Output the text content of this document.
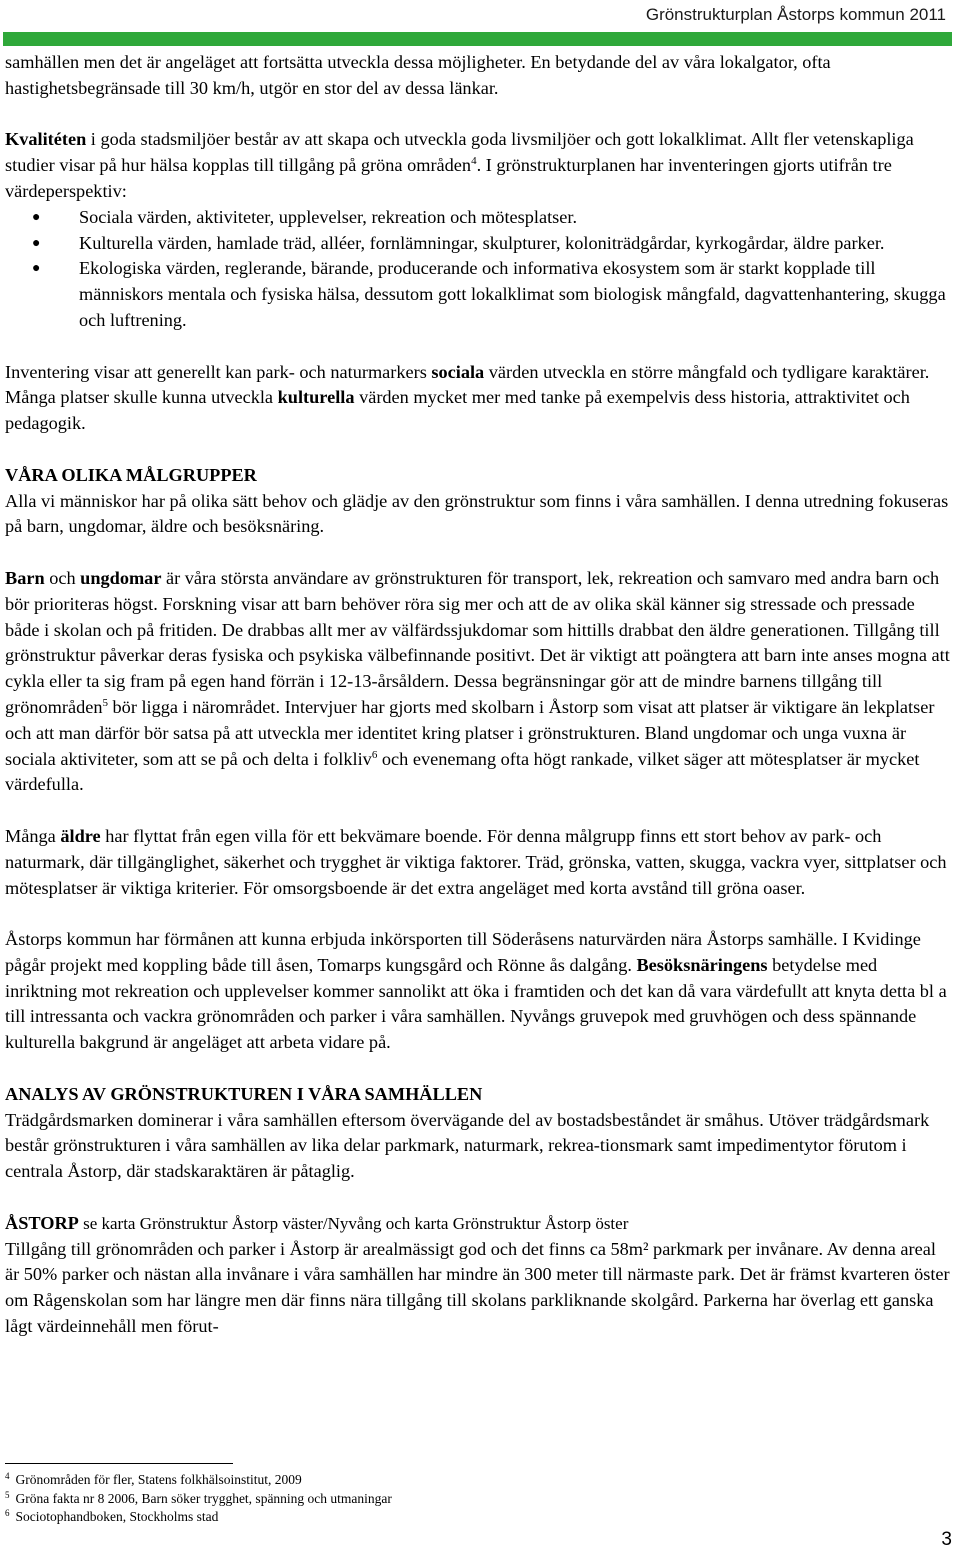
Grönstrukturplan Åstorps kommun 2011

samhällen men det är angeläget att fortsätta utveckla dessa möjligheter. En betydande del av våra lokalgator, ofta hastighetsbegränsade till 30 km/h, utgör en stor del av dessa länkar.

Kvalitéten i goda stadsmiljöer består av att skapa och utveckla goda livsmiljöer och gott lokalklimat. Allt fler vetenskapliga studier visar på hur hälsa kopplas till tillgång på gröna områden$^4$. I grönstrukturplanen har inventeringen gjorts utifrån tre värdeperspektiv:

● Sociala värden, aktiviteter, upplevelser, rekreation och mötesplatser.
● Kulturella värden, hamlade träd, alléer, fornlämningar, skulpturer, koloniträdgårdar, kyrkogårdar, äldre parker.
● Ekologiska värden, reglerande, bärande, producerande och informativa ekosystem som är starkt kopplade till människors mentala och fysiska hälsa, dessutom gott lokalklimat som biologisk mångfald, dagvattenhantering, skugga och luftrening.

Inventering visar att generellt kan park- och naturmarkers sociala värden utveckla en större mångfald och tydligare karaktärer. Många platser skulle kunna utveckla kulturella värden mycket mer med tanke på exempelvis dess historia, attraktivitet och pedagogik.

VÅRA OLIKA MÅLGRUPPER

Alla vi människor har på olika sätt behov och glädje av den grönstruktur som finns i våra samhällen. I denna utredning fokuseras på barn, ungdomar, äldre och besöksnäring.

Barn och ungdomar är våra största användare av grönstrukturen för transport, lek, rekreation och samvaro med andra barn och bör prioriteras högst. Forskning visar att barn behöver röra sig mer och att de av olika skäl känner sig stressade och pressade både i skolan och på fritiden. De drabbas allt mer av välfärdssjukdomar som hittills drabbat den äldre generationen. Tillgång till grönstruktur påverkar deras fysiska och psykiska välbefinnande positivt. Det är viktigt att poängtera att barn inte anses mogna att cykla eller ta sig fram på egen hand förrän i 12-13-årsåldern. Dessa begränsningar gör att de mindre barnens tillgång till grönområden$^5$ bör ligga i närområdet. Intervjuer har gjorts med skolbarn i Åstorp som visat att platser är viktigare än lekplatser och att man därför bör satsa på att utveckla mer identitet kring platser i grönstrukturen. Bland ungdomar och unga vuxna är sociala aktiviteter, som att se på och delta i folkliv$^6$ och evenemang ofta högt rankade, vilket säger att mötesplatser är mycket värdefulla.

Många äldre har flyttat från egen villa för ett bekvämare boende. För denna målgrupp finns ett stort behov av park- och naturmark, där tillgänglighet, säkerhet och trygghet är viktiga faktorer. Träd, grönska, vatten, skugga, vackra vyer, sittplatser och mötesplatser är viktiga kriterier. För omsorgsboende är det extra angeläget med korta avstånd till gröna oaser.

Åstorps kommun har förmånen att kunna erbjuda inkörsporten till Söderåsens naturvärden nära Åstorps samhälle. I Kvidinge pågår projekt med koppling både till åsen, Tomarps kungsgård och Rönne ås dalgång. Besöksnäringens betydelse med inriktning mot rekreation och upplevelser kommer sannolikt att öka i framtiden och det kan då vara värdefullt att knyta detta bl a till intressanta och vackra grönområden och parker i våra samhällen. Nyvångs gruvepok med gruvhögen och dess spännande kulturella bakgrund är angeläget att arbeta vidare på.

ANALYS AV GRÖNSTRUKTUREN I VÅRA SAMHÄLLEN

Trädgårdsmarken dominerar i våra samhällen eftersom övervägande del av bostadsbeståndet är småhus. Utöver trädgårdsmark består grönstrukturen i våra samhällen av lika delar parkmark, naturmark, rekrea-tionsmark samt impedimentytor förutom i centrala Åstorp, där stadskaraktären är påtaglig.

ÅSTORP se karta Grönstruktur Åstorp väster/Nyvång och karta Grönstruktur Åstorp öster

Tillgång till grönområden och parker i Åstorp är arealmässigt god och det finns ca 58m² parkmark per invånare. Av denna areal är 50% parker och nästan alla invånare i våra samhällen har mindre än 300 meter till närmaste park. Det är främst kvarteren öster om Rågenskolan som har längre men där finns nära tillgång till skolans parkliknande skolgård. Parkerna har överlag ett ganska lågt värdeinnehåll men förut-

$^4$ Grönområden för fler, Statens folkhälsoinstitut, 2009
$^5$ Gröna fakta nr 8 2006, Barn söker trygghet, spänning och utmaningar
$^6$ Sociotophandboken, Stockholms stad
3
